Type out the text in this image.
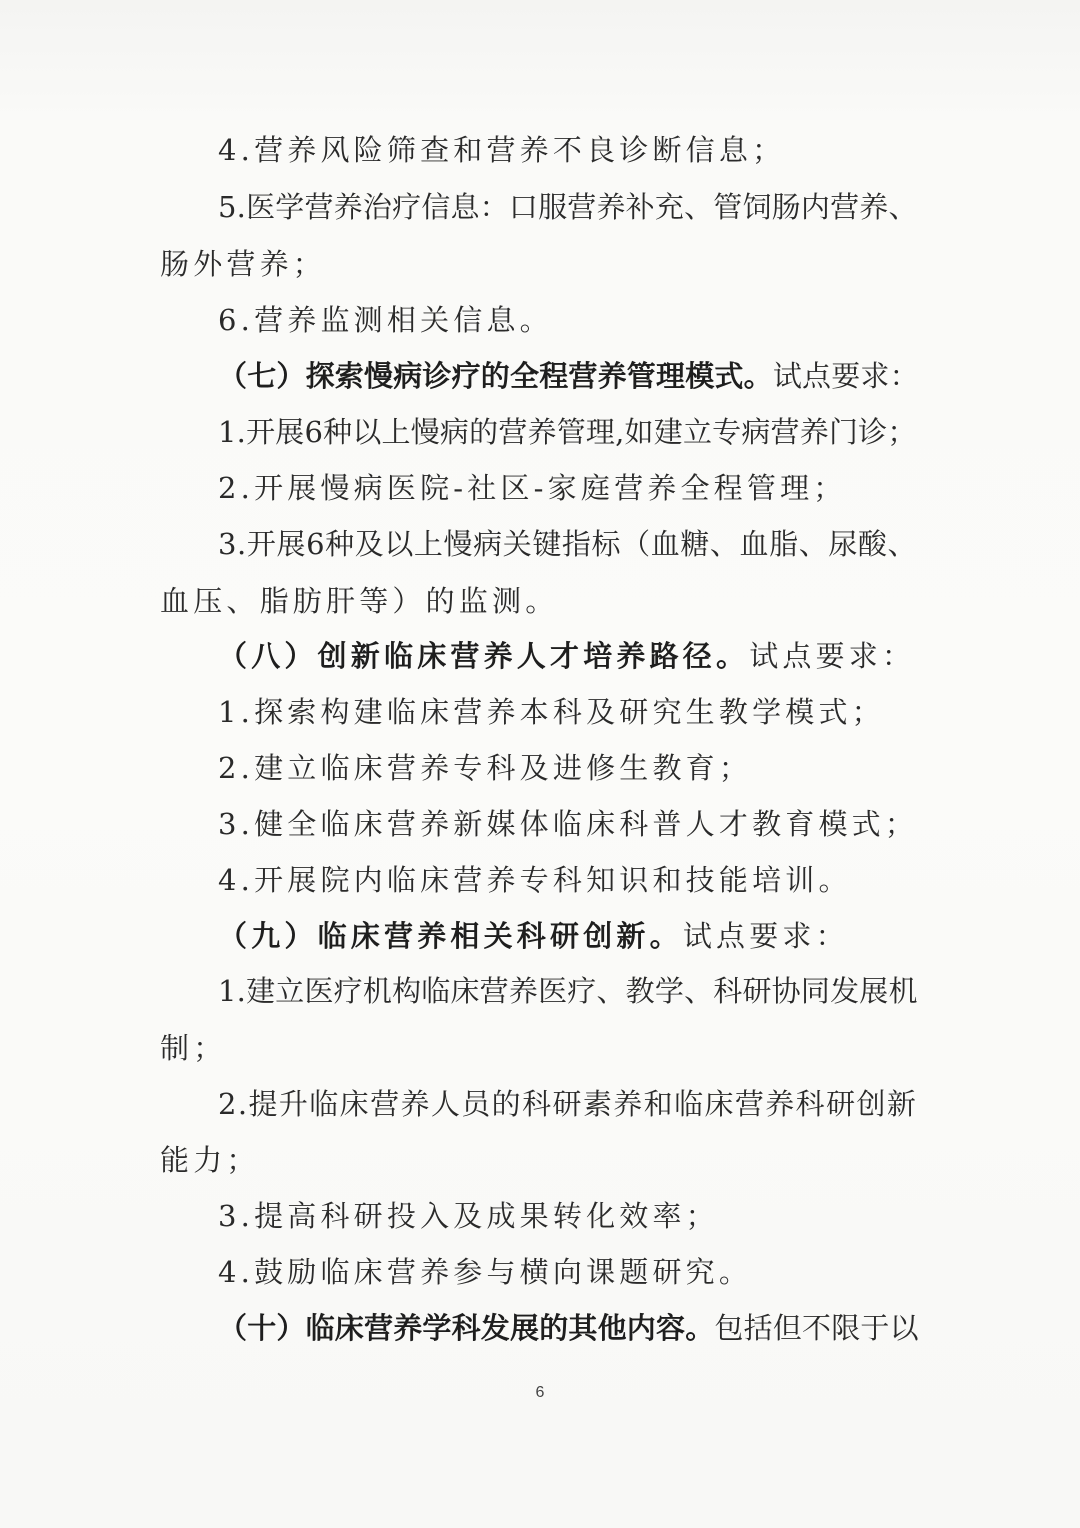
4.营养风险筛查和营养不良诊断信息；

5.医学营养治疗信息：口服营养补充、管饲肠内营养、

肠外营养；

6.营养监测相关信息。

（七）探索慢病诊疗的全程营养管理模式。试点要求：

1.开展6种以上慢病的营养管理,如建立专病营养门诊；

2.开展慢病医院-社区-家庭营养全程管理；

3.开展6种及以上慢病关键指标（血糖、血脂、尿酸、

血压、脂肪肝等）的监测。

（八）创新临床营养人才培养路径。试点要求：

1.探索构建临床营养本科及研究生教学模式；

2.建立临床营养专科及进修生教育；

3.健全临床营养新媒体临床科普人才教育模式；

4.开展院内临床营养专科知识和技能培训。

（九）临床营养相关科研创新。试点要求：

1.建立医疗机构临床营养医疗、教学、科研协同发展机

制；

2.提升临床营养人员的科研素养和临床营养科研创新

能力；

3.提高科研投入及成果转化效率；

4.鼓励临床营养参与横向课题研究。

（十）临床营养学科发展的其他内容。包括但不限于以

6
